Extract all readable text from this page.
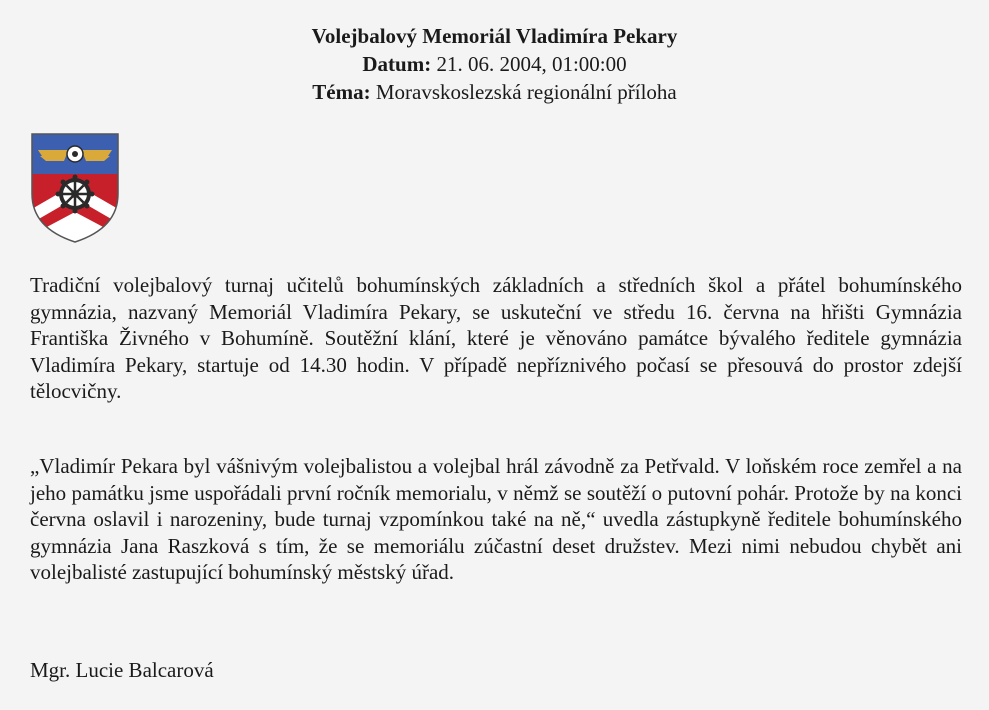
Volejbalový Memoriál Vladimíra Pekary
Datum: 21. 06. 2004, 01:00:00
Téma: Moravskoslezská regionální příloha

Tradiční volejbalový turnaj učitelů bohumínských základních a středních škol a přátel bohumínského gymnázia, nazvaný Memoriál Vladimíra Pekary, se uskuteční ve středu 16. června na hřišti Gymnázia Františka Živného v Bohumíně. Soutěžní klání, které je věnováno památce bývalého ředitele gymnázia Vladimíra Pekary, startuje od 14.30 hodin. V případě nepříznivého počasí se přesouvá do prostor zdejší tělocvičny.

„Vladimír Pekara byl vášnivým volejbalistou a volejbal hrál závodně za Petřvald. V loňském roce zemřel a na jeho památku jsme uspořádali první ročník memorialu, v němž se soutěží o putovní pohár. Protože by na konci června oslavil i narozeniny, bude turnaj vzpomínkou také na ně,“ uvedla zástupkyně ředitele bohumínského gymnázia Jana Raszková s tím, že se memoriálu zúčastní deset družstev. Mezi nimi nebudou chybět ani volejbalisté zastupující bohumínský městský úřad.

Mgr. Lucie Balcarová
